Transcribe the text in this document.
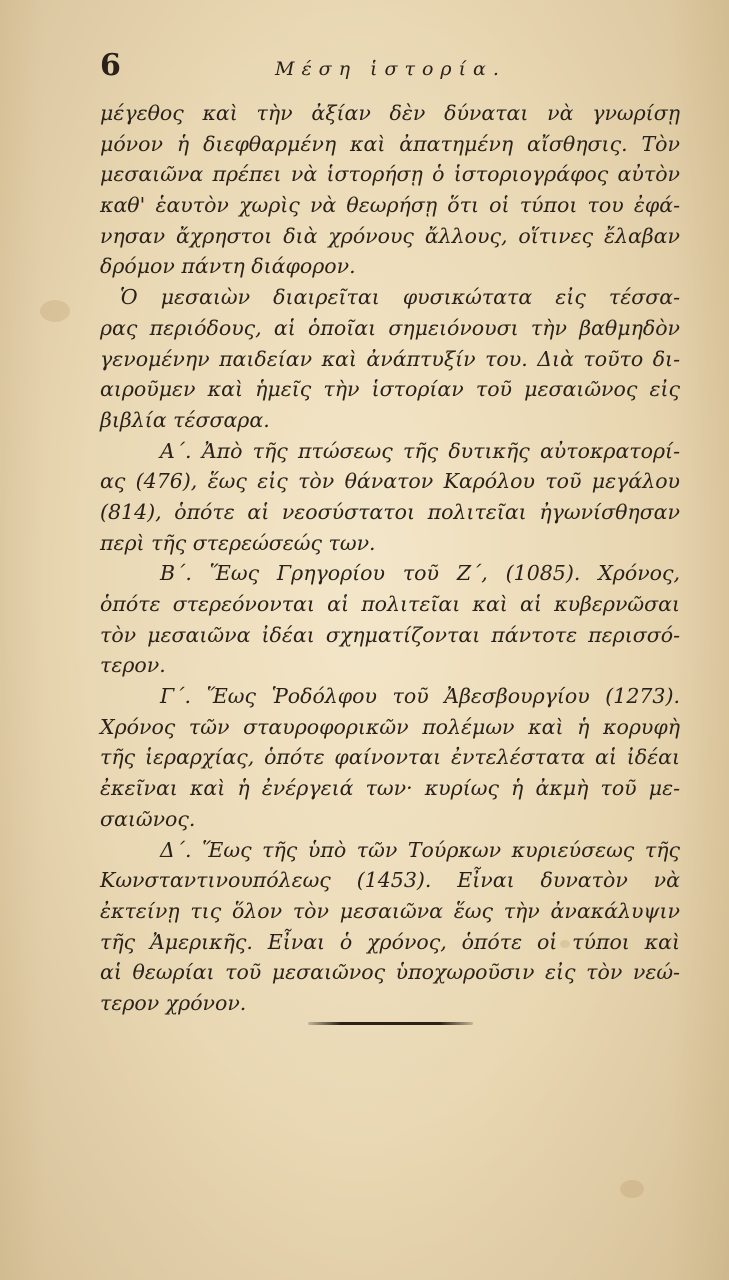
6	Μέση ἱστορία.
μέγεθος καὶ τὴν ἀξίαν δὲν δύναται νὰ γνωρίσῃ
μόνον ἡ διεφθαρμένη καὶ ἀπατημένη αἴσθησις. Τὸν
μεσαιῶνα πρέπει νὰ ἱστορήσῃ ὁ ἱστοριογράφος αὐτὸν
καθ' ἑαυτὸν χωρὶς νὰ θεωρήσῃ ὅτι οἱ τύποι του ἐφά-
νησαν ἄχρηστοι διὰ χρόνους ἄλλους, οἵτινες ἔλαβαν
δρόμον πάντη διάφορον.
Ὁ μεσαιὼν διαιρεῖται φυσικώτατα εἰς τέσσα-
ρας περιόδους, αἱ ὁποῖαι σημειόνουσι τὴν βαθμηδὸν
γενομένην παιδείαν καὶ ἀνάπτυξίν του. Διὰ τοῦτο δι-
αιροῦμεν καὶ ἡμεῖς τὴν ἱστορίαν τοῦ μεσαιῶνος εἰς
βιβλία τέσσαρα.
Α΄. Ἀπὸ τῆς πτώσεως τῆς δυτικῆς αὐτοκρατορί-
ας (476), ἕως εἰς τὸν θάνατον Καρόλου τοῦ μεγάλου
(814), ὁπότε αἱ νεοσύστατοι πολιτεῖαι ἠγωνίσθησαν
περὶ τῆς στερεώσεώς των.
Β΄. Ἕως Γρηγορίου τοῦ Ζ΄, (1085). Χρόνος,
ὁπότε στερεόνονται αἱ πολιτεῖαι καὶ αἱ κυβερνῶσαι
τὸν μεσαιῶνα ἰδέαι σχηματίζονται πάντοτε περισσό-
τερον.
Γ΄. Ἕως Ῥοδόλφου τοῦ Ἀβεσβουργίου (1273).
Χρόνος τῶν σταυροφορικῶν πολέμων καὶ ἡ κορυφὴ
τῆς ἱεραρχίας, ὁπότε φαίνονται ἐντελέστατα αἱ ἰδέαι
ἐκεῖναι καὶ ἡ ἐνέργειά των· κυρίως ἡ ἀκμὴ τοῦ με-
σαιῶνος.
Δ΄. Ἕως τῆς ὑπὸ τῶν Τούρκων κυριεύσεως τῆς
Κωνσταντινουπόλεως (1453). Εἶναι δυνατὸν νὰ
ἐκτείνῃ τις ὅλον τὸν μεσαιῶνα ἕως τὴν ἀνακάλυψιν
τῆς Ἀμερικῆς. Εἶναι ὁ χρόνος, ὁπότε οἱ τύποι καὶ
αἱ θεωρίαι τοῦ μεσαιῶνος ὑποχωροῦσιν εἰς τὸν νεώ-
τερον χρόνον.
